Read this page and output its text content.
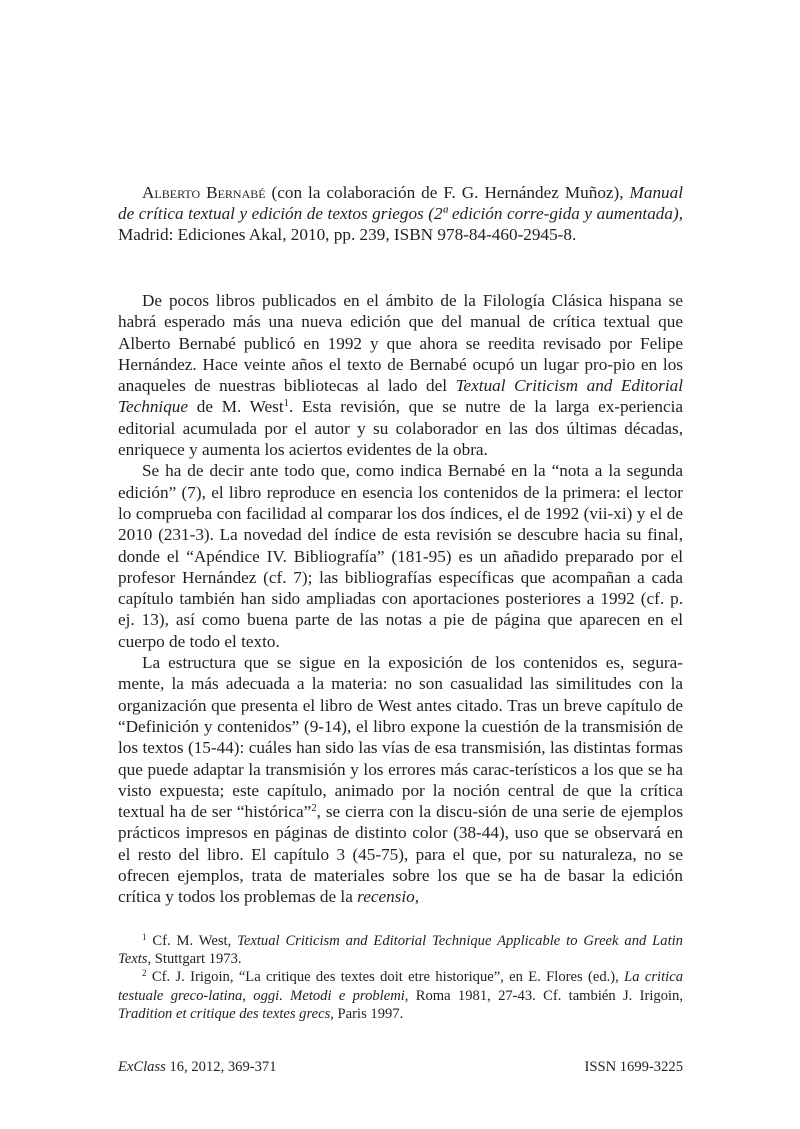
Alberto Bernabé (con la colaboración de F. G. Hernández Muñoz), Manual de crítica textual y edición de textos griegos (2ª edición corre-gida y aumentada), Madrid: Ediciones Akal, 2010, pp. 239, ISBN 978-84-460-2945-8.

De pocos libros publicados en el ámbito de la Filología Clásica hispana se habrá esperado más una nueva edición que del manual de crítica textual que Alberto Bernabé publicó en 1992 y que ahora se reedita revisado por Felipe Hernández. Hace veinte años el texto de Bernabé ocupó un lugar pro-pio en los anaqueles de nuestras bibliotecas al lado del Textual Criticism and Editorial Technique de M. West$^1$. Esta revisión, que se nutre de la larga ex-periencia editorial acumulada por el autor y su colaborador en las dos últimas décadas, enriquece y aumenta los aciertos evidentes de la obra.

Se ha de decir ante todo que, como indica Bernabé en la “nota a la segunda edición” (7), el libro reproduce en esencia los contenidos de la primera: el lector lo comprueba con facilidad al comparar los dos índices, el de 1992 (vii-xi) y el de 2010 (231-3). La novedad del índice de esta revisión se descubre hacia su final, donde el “Apéndice IV. Bibliografía” (181-95) es un añadido preparado por el profesor Hernández (cf. 7); las bibliografías específicas que acompañan a cada capítulo también han sido ampliadas con aportaciones posteriores a 1992 (cf. p. ej. 13), así como buena parte de las notas a pie de página que aparecen en el cuerpo de todo el texto.

La estructura que se sigue en la exposición de los contenidos es, segura-mente, la más adecuada a la materia: no son casualidad las similitudes con la organización que presenta el libro de West antes citado. Tras un breve capítulo de “Definición y contenidos” (9-14), el libro expone la cuestión de la transmisión de los textos (15-44): cuáles han sido las vías de esa transmisión, las distintas formas que puede adaptar la transmisión y los errores más carac-terísticos a los que se ha visto expuesta; este capítulo, animado por la noción central de que la crítica textual ha de ser “histórica”$^2$, se cierra con la discu-sión de una serie de ejemplos prácticos impresos en páginas de distinto color (38-44), uso que se observará en el resto del libro. El capítulo 3 (45-75), para el que, por su naturaleza, no se ofrecen ejemplos, trata de materiales sobre los que se ha de basar la edición crítica y todos los problemas de la recensio,

$^1$ Cf. M. West, Textual Criticism and Editorial Technique Applicable to Greek and Latin Texts, Stuttgart 1973.

$^2$ Cf. J. Irigoin, “La critique des textes doit etre historique”, en E. Flores (ed.), La critica testuale greco-latina, oggi. Metodi e problemi, Roma 1981, 27-43. Cf. también J. Irigoin, Tradition et critique des textes grecs, Paris 1997.

ExClass 16, 2012, 369-371	ISSN 1699-3225
